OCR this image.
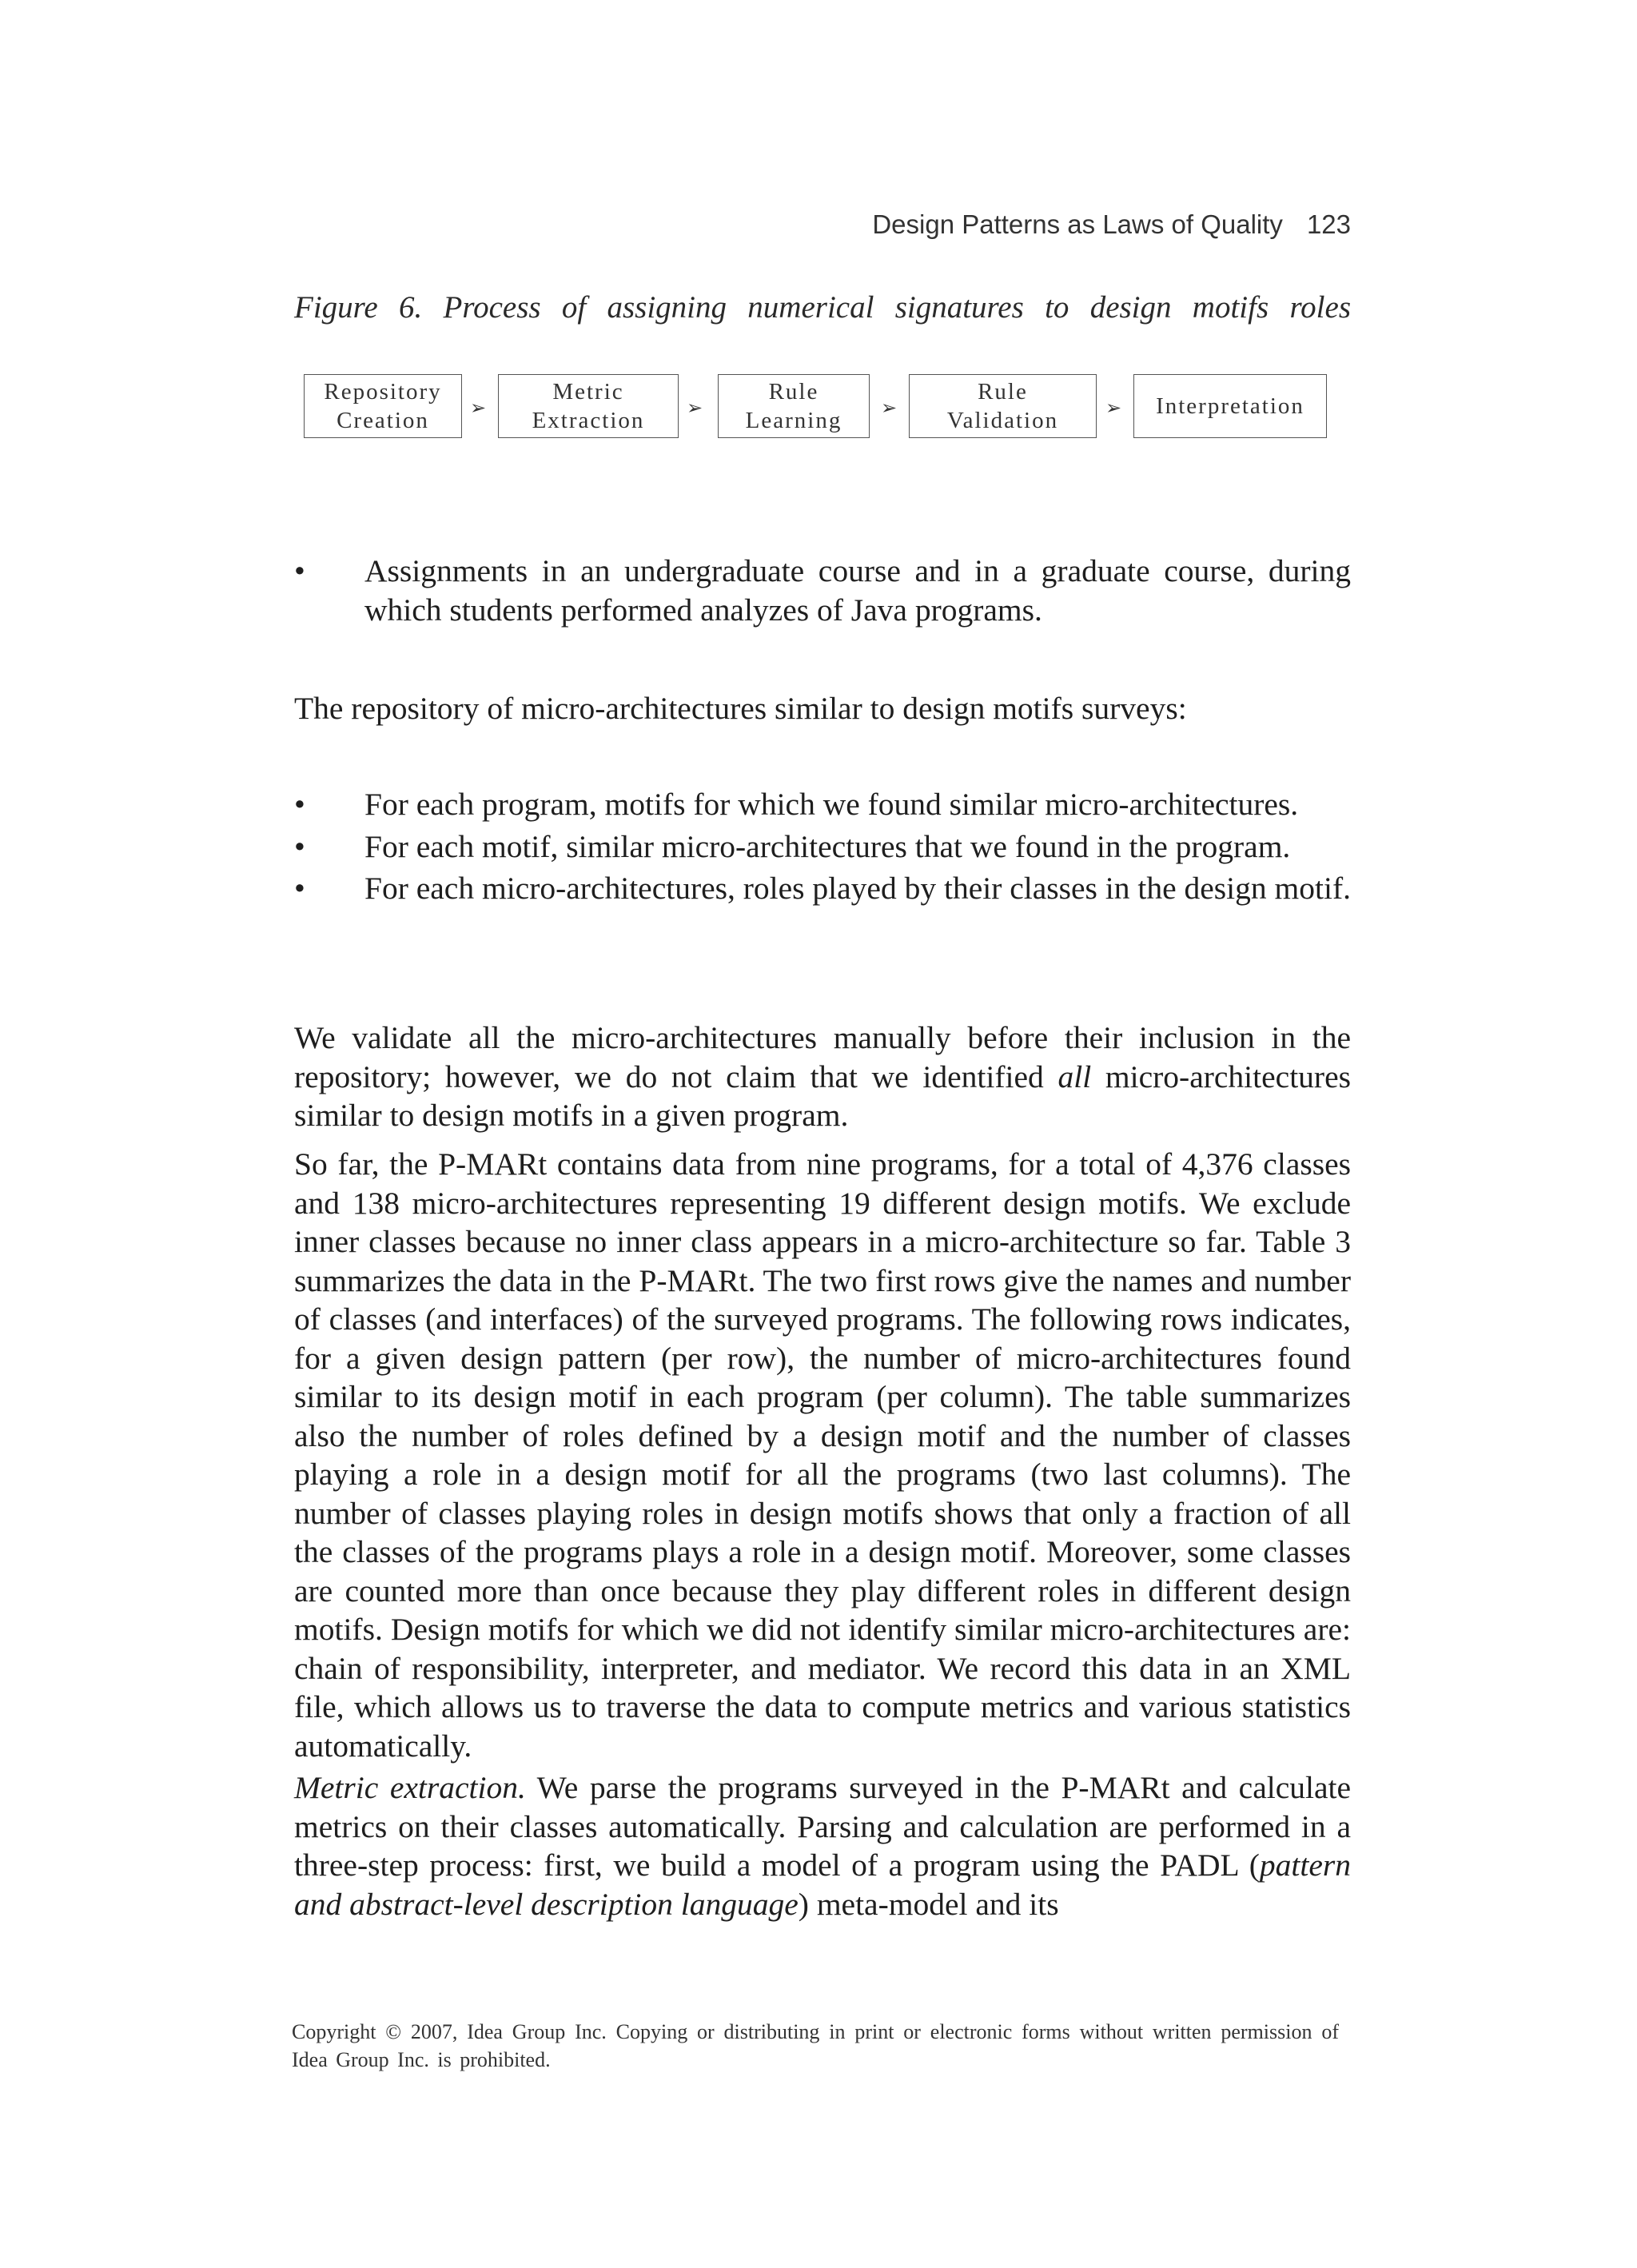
Design Patterns as Laws of Quality 123
Figure 6. Process of assigning numerical signatures to design motifs roles
Repository
Creation	➢
Metric
Extraction	➢
Rule
Learning	➢
Rule
Validation	➢	Interpretation
• Assignments in an undergraduate course and in a graduate course, during which students performed analyzes of Java programs.
The repository of micro-architectures similar to design motifs surveys:
• For each program, motifs for which we found similar micro-architectures.
• For each motif, similar micro-architectures that we found in the program.
• For each micro-architectures, roles played by their classes in the design motif.
We validate all the micro-architectures manually before their inclusion in the repository; however, we do not claim that we identified all micro-architectures similar to design motifs in a given program.
So far, the P-MARt contains data from nine programs, for a total of 4,376 classes and 138 micro-architectures representing 19 different design motifs. We exclude inner classes because no inner class appears in a micro-architecture so far. Table 3 summarizes the data in the P-MARt. The two first rows give the names and number of classes (and interfaces) of the surveyed programs. The following rows indicates, for a given design pattern (per row), the number of micro-architectures found similar to its design motif in each program (per column). The table summarizes also the number of roles defined by a design motif and the number of classes playing a role in a design motif for all the programs (two last columns). The number of classes playing roles in design motifs shows that only a fraction of all the classes of the programs plays a role in a design motif. Moreover, some classes are counted more than once because they play different roles in different design motifs. Design motifs for which we did not identify similar micro-architectures are: chain of responsibility, interpreter, and mediator. We record this data in an XML file, which allows us to traverse the data to compute metrics and various statistics automatically.
Metric extraction. We parse the programs surveyed in the P-MARt and calculate metrics on their classes automatically. Parsing and calculation are performed in a three-step process: first, we build a model of a program using the PADL (pattern and abstract-level description language) meta-model and its
Copyright © 2007, Idea Group Inc. Copying or distributing in print or electronic forms without written permission of Idea Group Inc. is prohibited.
